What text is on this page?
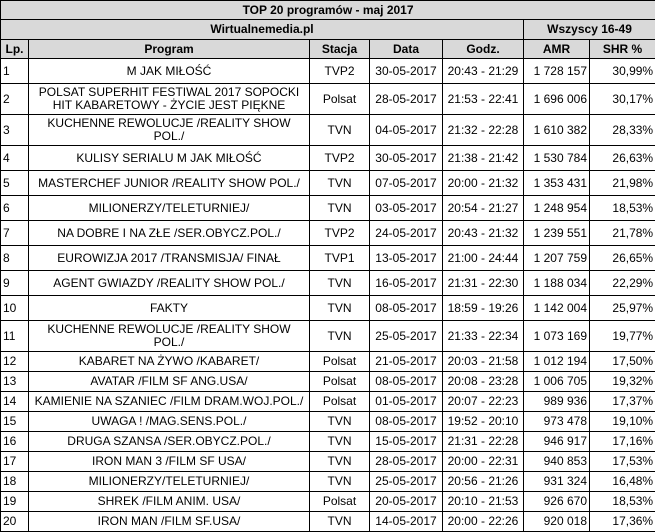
TOP 20 programów - maj 2017						
Wirtualnemedia.pl					Wszyscy 16-49	
Lp.	Program	Stacja	Data	Godz.	AMR	SHR %
1	M JAK MIŁOŚĆ	TVP2	30-05-2017	20:43 - 21:29	1 728 157	30,99%
2	POLSAT SUPERHIT FESTIWAL 2017 SOPOCKI HIT KABARETOWY - ŻYCIE JEST PIĘKNE	Polsat	28-05-2017	21:53 - 22:41	1 696 006	30,17%
3	KUCHENNE REWOLUCJE /REALITY SHOW POL./	TVN	04-05-2017	21:32 - 22:28	1 610 382	28,33%
4	KULISY SERIALU M JAK MIŁOŚĆ	TVP2	30-05-2017	21:38 - 21:42	1 530 784	26,63%
5	MASTERCHEF JUNIOR /REALITY SHOW POL./	TVN	07-05-2017	20:00 - 21:32	1 353 431	21,98%
6	MILIONERZY/TELETURNIEJ/	TVN	03-05-2017	20:54 - 21:27	1 248 954	18,53%
7	NA DOBRE I NA ZŁE /SER.OBYCZ.POL./	TVP2	24-05-2017	20:43 - 21:32	1 239 551	21,78%
8	EUROWIZJA 2017 /TRANSMISJA/ FINAŁ	TVP1	13-05-2017	21:00 - 24:44	1 207 759	26,65%
9	AGENT GWIAZDY /REALITY SHOW POL./	TVN	16-05-2017	21:31 - 22:30	1 188 034	22,29%
10	FAKTY	TVN	08-05-2017	18:59 - 19:26	1 142 004	25,97%
11	KUCHENNE REWOLUCJE /REALITY SHOW POL./	TVN	25-05-2017	21:33 - 22:34	1 073 169	19,77%
12	KABARET NA ŻYWO /KABARET/	Polsat	21-05-2017	20:03 - 21:58	1 012 194	17,50%
13	AVATAR /FILM SF ANG.USA/	Polsat	08-05-2017	20:08 - 23:28	1 006 705	19,32%
14	KAMIENIE NA SZANIEC /FILM DRAM.WOJ.POL./	Polsat	01-05-2017	20:07 - 22:23	989 936	17,37%
15	UWAGA ! /MAG.SENS.POL./	TVN	08-05-2017	19:52 - 20:10	973 478	19,10%
16	DRUGA SZANSA /SER.OBYCZ.POL./	TVN	15-05-2017	21:31 - 22:28	946 917	17,16%
17	IRON MAN 3 /FILM SF USA/	TVN	28-05-2017	20:00 - 22:31	940 853	17,53%
18	MILIONERZY/TELETURNIEJ/	TVN	25-05-2017	20:56 - 21:26	931 324	16,48%
19	SHREK /FILM ANIM. USA/	Polsat	20-05-2017	20:10 - 21:53	926 670	18,53%
20	IRON MAN /FILM SF.USA/	TVN	14-05-2017	20:00 - 22:26	920 018	17,36%
